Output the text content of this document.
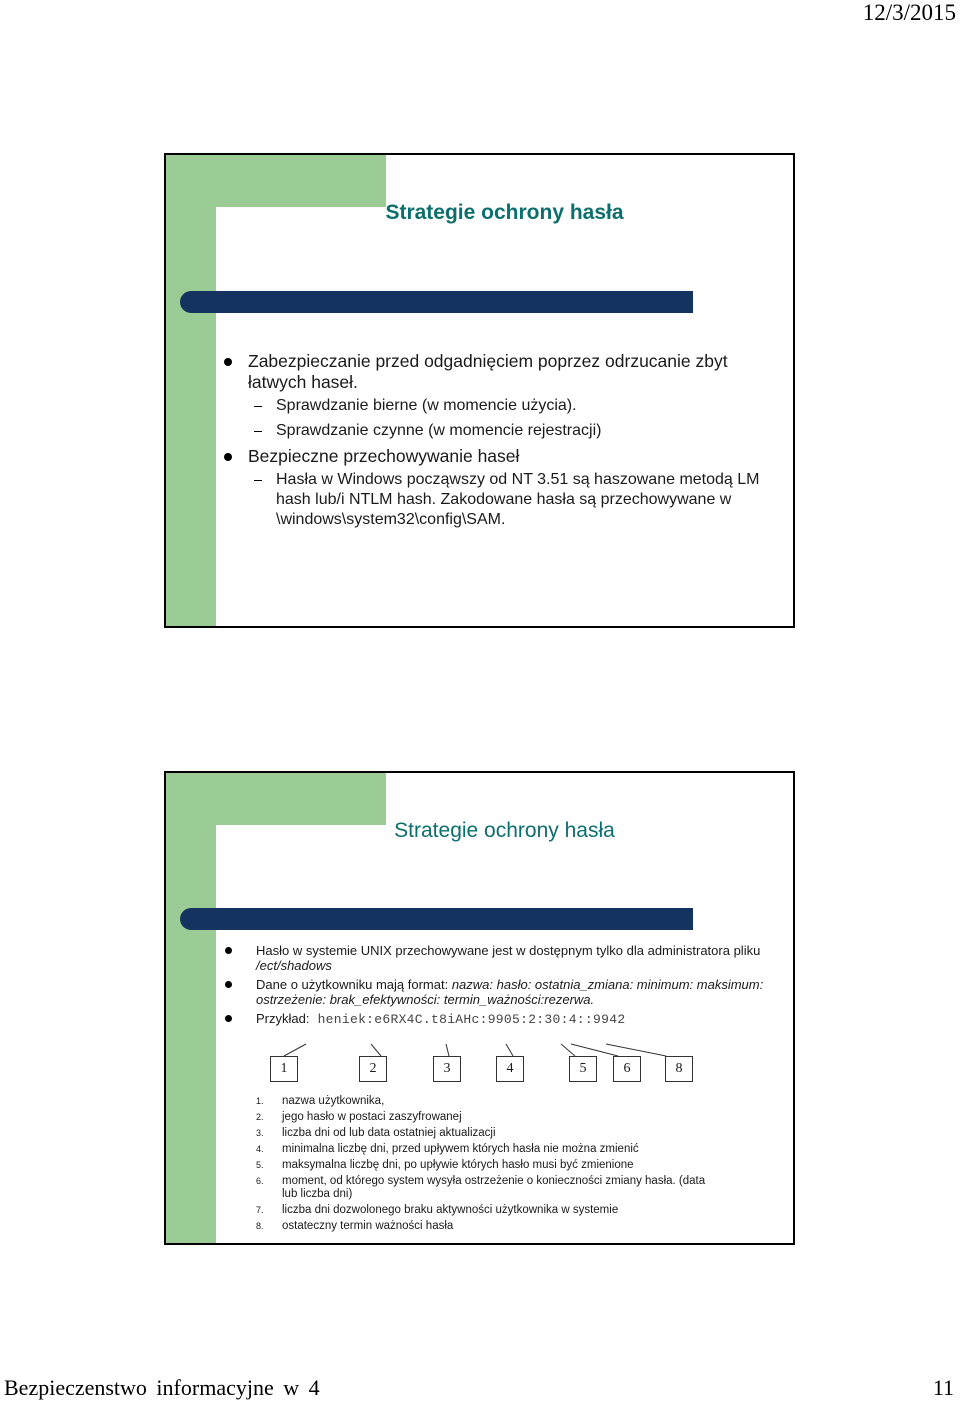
12/3/2015
Strategie ochrony hasła
Zabezpieczanie przed odgadnięciem poprzez odrzucanie zbyt łatwych haseł.
Sprawdzanie bierne (w momencie użycia).
Sprawdzanie czynne (w momencie rejestracji)
Bezpieczne przechowywanie haseł
Hasła w Windows począwszy od NT 3.51 są haszowane metodą LM hash lub/i NTLM hash. Zakodowane hasła są przechowywane w \windows\system32\config\SAM.
Strategie ochrony hasła
Hasło w systemie UNIX przechowywane jest w dostępnym tylko dla administratora pliku /ect/shadows
Dane o użytkowniku mają format: nazwa: hasło: ostatnia_zmiana: minimum: maksimum: ostrzeżenie: brak_efektywności: termin_ważności:rezerwa.
Przykład: heniek:e6RX4C.t8iAHc:9905:2:30:4::9942
1	2	3	4	5	6	8
1.	nazwa użytkownika,
2.	jego hasło w postaci zaszyfrowanej
3.	liczba dni od lub data ostatniej aktualizacji
4.	minimalna liczbę dni, przed upływem których hasła nie można zmienić
5.	maksymalna liczbę dni, po upływie których hasło musi być zmienione
6.	moment, od którego system wysyła ostrzeżenie o konieczności zmiany hasła. (data lub liczba dni)
7.	liczba dni dozwolonego braku aktywności użytkownika w systemie
8.	ostateczny termin ważności hasła
Bezpieczenstwo informacyjne w 4	11
